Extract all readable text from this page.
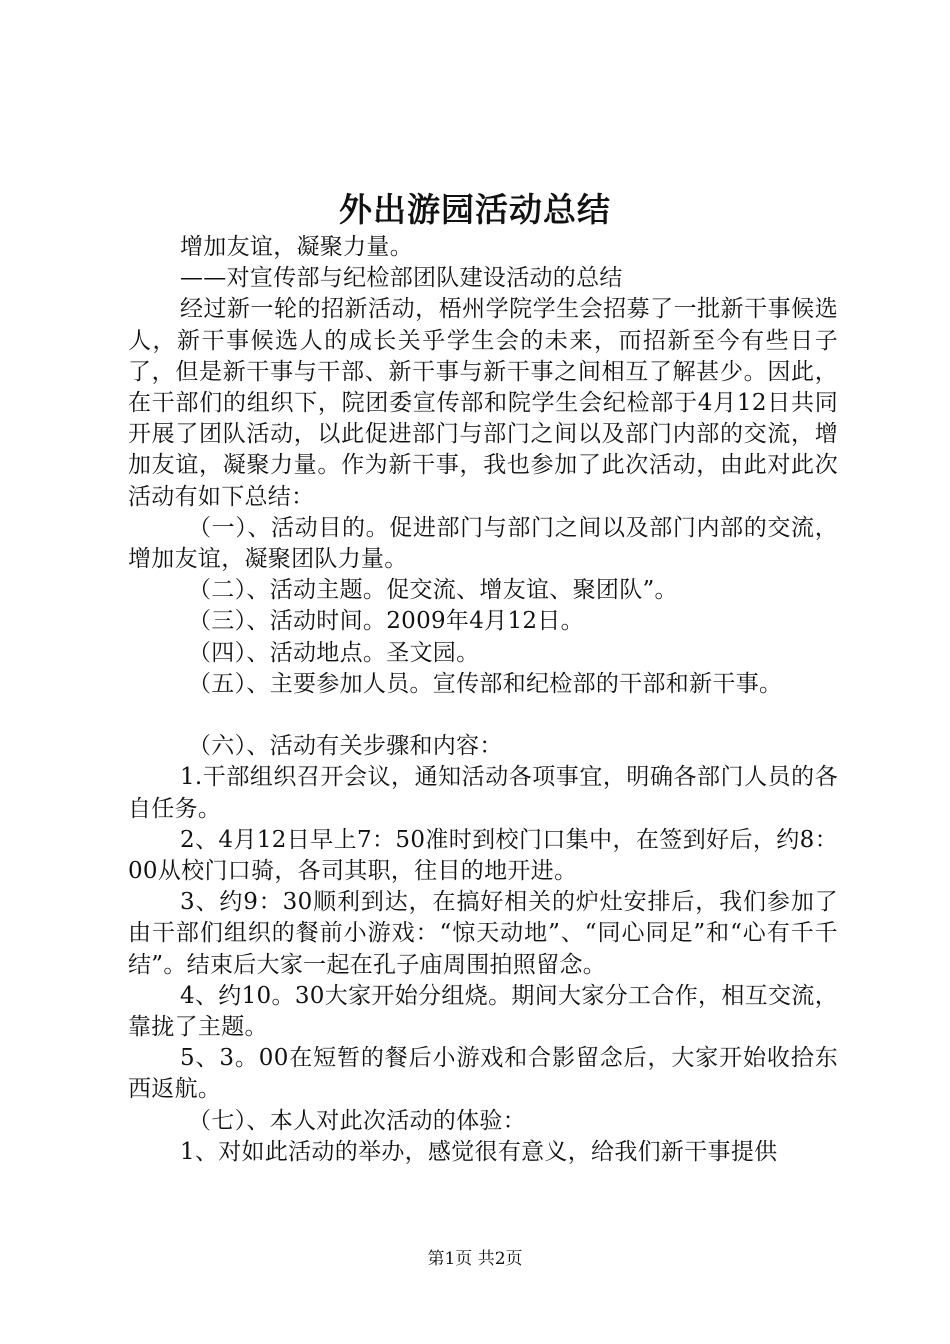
外出游园活动总结

增加友谊，凝聚力量。

——对宣传部与纪检部团队建设活动的总结

经过新一轮的招新活动，梧州学院学生会招募了一批新干事候选人，新干事候选人的成长关乎学生会的未来，而招新至今有些日子了，但是新干事与干部、新干事与新干事之间相互了解甚少。因此，在干部们的组织下，院团委宣传部和院学生会纪检部于4月12日共同开展了团队活动，以此促进部门与部门之间以及部门内部的交流，增加友谊，凝聚力量。作为新干事，我也参加了此次活动，由此对此次活动有如下总结：

（一）、活动目的。促进部门与部门之间以及部门内部的交流，增加友谊，凝聚团队力量。

（二）、活动主题。促交流、增友谊、聚团队”。

（三）、活动时间。2009年4月12日。

（四）、活动地点。圣文园。

（五）、主要参加人员。宣传部和纪检部的干部和新干事。

（六）、活动有关步骤和内容：

1.干部组织召开会议，通知活动各项事宜，明确各部门人员的各自任务。

2、4月12日早上7：50准时到校门口集中，在签到好后，约8：00从校门口骑，各司其职，往目的地开进。

3、约9：30顺利到达，在搞好相关的炉灶安排后，我们参加了由干部们组织的餐前小游戏：“惊天动地”、“同心同足”和“心有千千结”。结束后大家一起在孔子庙周围拍照留念。

4、约10。30大家开始分组烧。期间大家分工合作，相互交流，靠拢了主题。

5、3。00在短暂的餐后小游戏和合影留念后，大家开始收拾东西返航。

（七）、本人对此次活动的体验：

1、对如此活动的举办，感觉很有意义，给我们新干事提供

第1页 共2页
